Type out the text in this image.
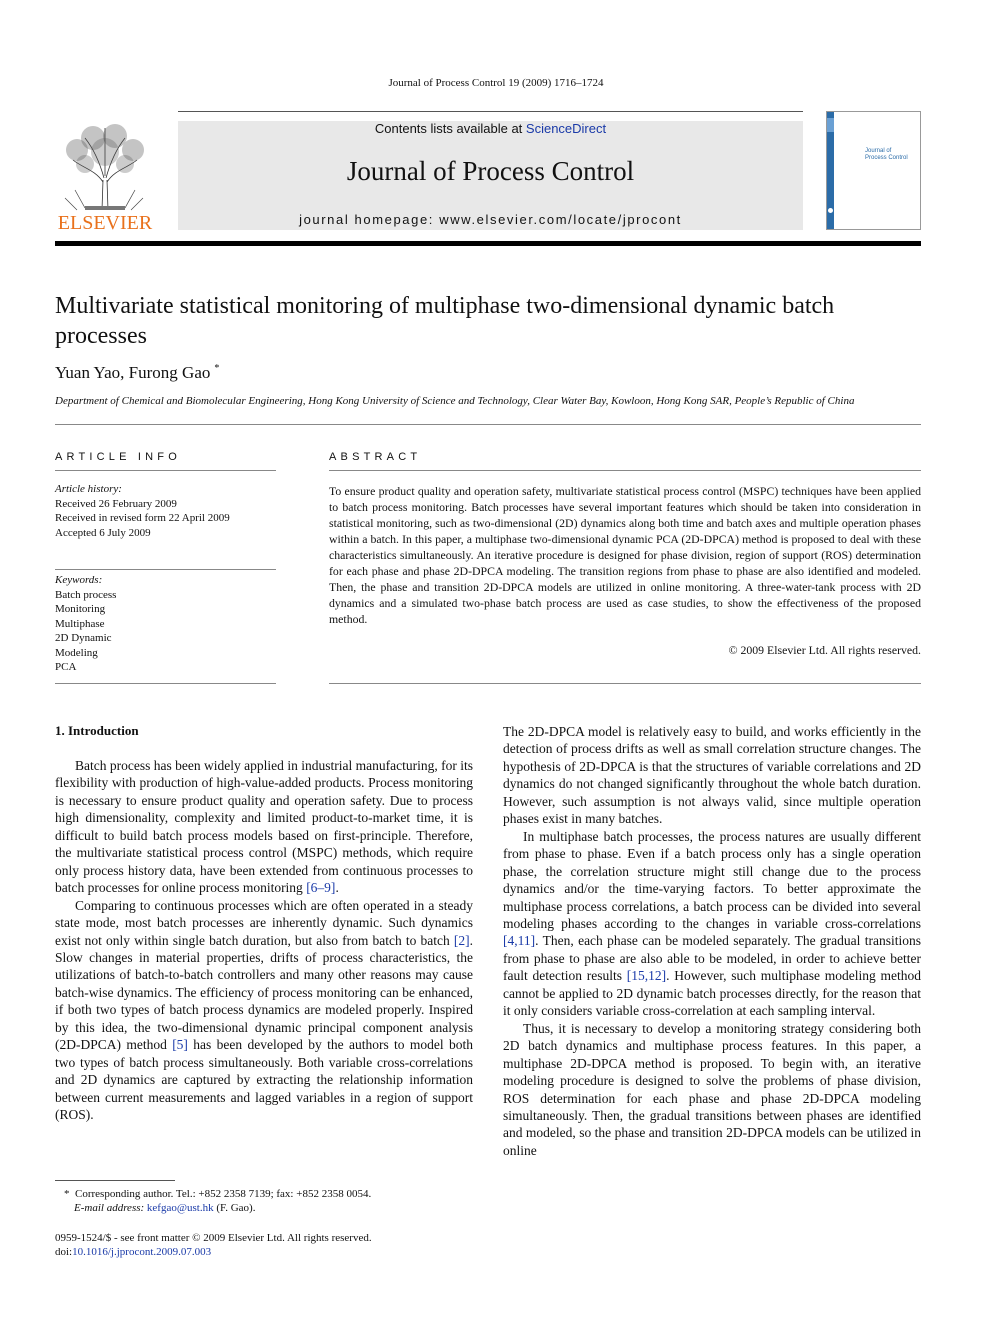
Journal of Process Control 19 (2009) 1716–1724
ELSEVIER
Contents lists available at ScienceDirect
Journal of Process Control
journal homepage: www.elsevier.com/locate/jprocont
Journal of
Process Control
Multivariate statistical monitoring of multiphase two-dimensional dynamic batch processes
Yuan Yao, Furong Gao *
Department of Chemical and Biomolecular Engineering, Hong Kong University of Science and Technology, Clear Water Bay, Kowloon, Hong Kong SAR, People’s Republic of China
ARTICLE INFO
Article history:
Received 26 February 2009
Received in revised form 22 April 2009
Accepted 6 July 2009
Keywords:
Batch process
Monitoring
Multiphase
2D Dynamic
Modeling
PCA
ABSTRACT
To ensure product quality and operation safety, multivariate statistical process control (MSPC) techniques have been applied to batch process monitoring. Batch processes have several important features which should be taken into consideration in statistical monitoring, such as two-dimensional (2D) dynamics along both time and batch axes and multiple operation phases within a batch. In this paper, a multiphase two-dimensional dynamic PCA (2D-DPCA) method is proposed to deal with these characteristics simultaneously. An iterative procedure is designed for phase division, region of support (ROS) determination for each phase and phase 2D-DPCA modeling. The transition regions from phase to phase are also identified and modeled. Then, the phase and transition 2D-DPCA models are utilized in online monitoring. A three-water-tank process with 2D dynamics and a simulated two-phase batch process are used as case studies, to show the effectiveness of the proposed method.
© 2009 Elsevier Ltd. All rights reserved.
1. Introduction

Batch process has been widely applied in industrial manufacturing, for its flexibility with production of high-value-added products. Process monitoring is necessary to ensure product quality and operation safety. Due to process high dimensionality, complexity and limited product-to-market time, it is difficult to build batch process models based on first-principle. Therefore, the multivariate statistical process control (MSPC) methods, which require only process history data, have been extended from continuous processes to batch processes for online process monitoring [6–9].

Comparing to continuous processes which are often operated in a steady state mode, most batch processes are inherently dynamic. Such dynamics exist not only within single batch duration, but also from batch to batch [2]. Slow changes in material properties, drifts of process characteristics, the utilizations of batch-to-batch controllers and many other reasons may cause batch-wise dynamics. The efficiency of process monitoring can be enhanced, if both two types of batch process dynamics are modeled properly. Inspired by this idea, the two-dimensional dynamic principal component analysis (2D-DPCA) method [5] has been developed by the authors to model both two types of batch process simultaneously. Both variable cross-correlations and 2D dynamics are captured by extracting the relationship information between current measurements and lagged variables in a region of support (ROS).

The 2D-DPCA model is relatively easy to build, and works efficiently in the detection of process drifts as well as small correlation structure changes. The hypothesis of 2D-DPCA is that the structures of variable correlations and 2D dynamics do not changed significantly throughout the whole batch duration. However, such assumption is not always valid, since multiple operation phases exist in many batches.

In multiphase batch processes, the process natures are usually different from phase to phase. Even if a batch process only has a single operation phase, the correlation structure might still change due to the process dynamics and/or the time-varying factors. To better approximate the multiphase process correlations, a batch process can be divided into several modeling phases according to the changes in variable cross-correlations [4,11]. Then, each phase can be modeled separately. The gradual transitions from phase to phase are also able to be modeled, in order to achieve better fault detection results [15,12]. However, such multiphase modeling method cannot be applied to 2D dynamic batch processes directly, for the reason that it only considers variable cross-correlation at each sampling interval.

Thus, it is necessary to develop a monitoring strategy considering both 2D batch dynamics and multiphase process features. In this paper, a multiphase 2D-DPCA method is proposed. To begin with, an iterative modeling procedure is designed to solve the problems of phase division, ROS determination for each phase and phase 2D-DPCA modeling simultaneously. Then, the gradual transitions between phases are identified and modeled, so the phase and transition 2D-DPCA models can be utilized in online

* Corresponding author. Tel.: +852 2358 7139; fax: +852 2358 0054.
E-mail address: kefgao@ust.hk (F. Gao).
0959-1524/$ - see front matter © 2009 Elsevier Ltd. All rights reserved.
doi:10.1016/j.jprocont.2009.07.003
